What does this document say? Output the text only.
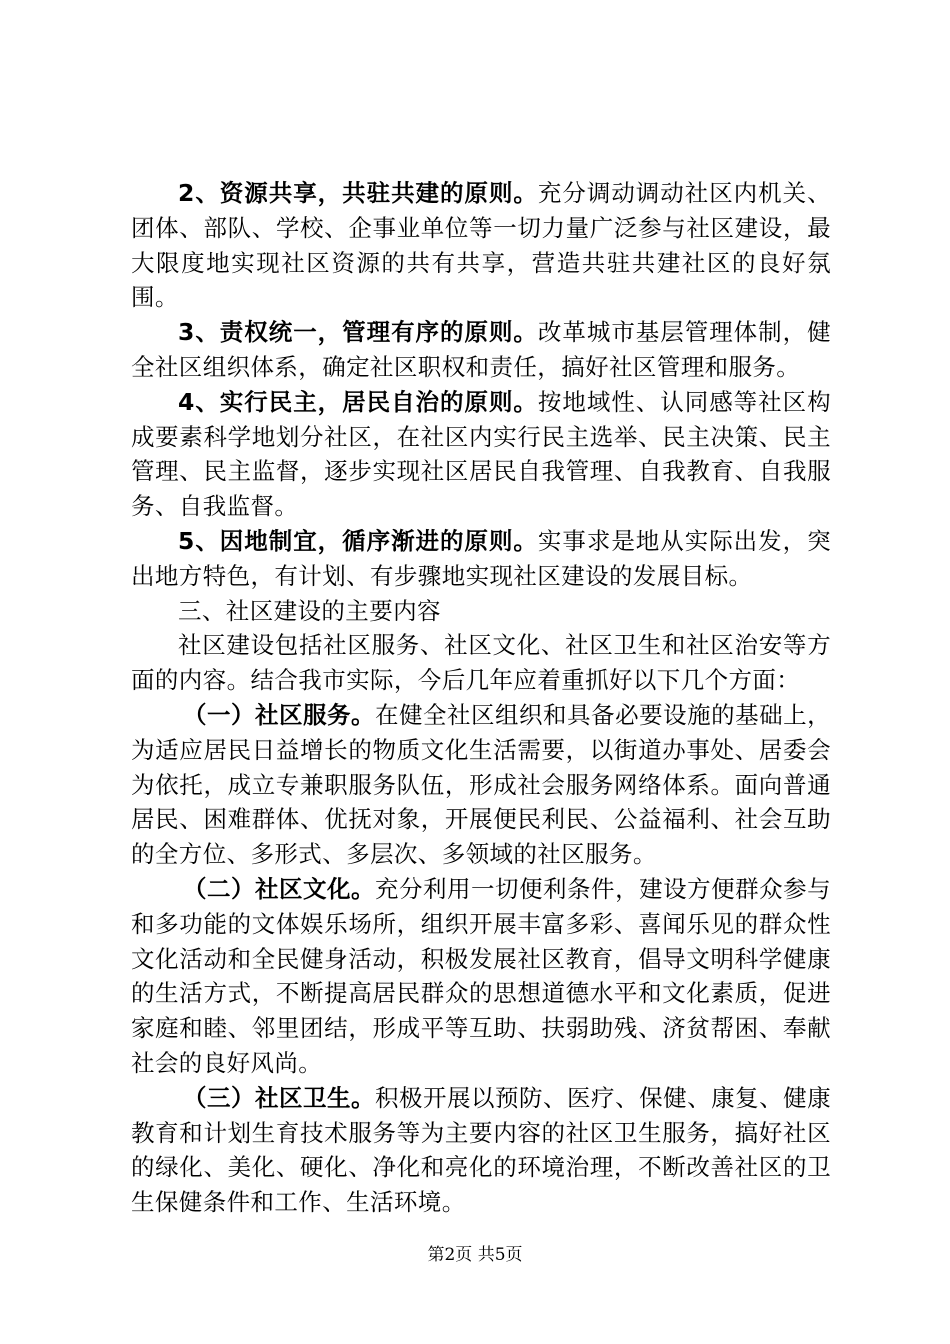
2、资源共享，共驻共建的原则。充分调动调动社区内机关、团体、部队、学校、企事业单位等一切力量广泛参与社区建设，最大限度地实现社区资源的共有共享，营造共驻共建社区的良好氛围。

3、责权统一，管理有序的原则。改革城市基层管理体制，健全社区组织体系，确定社区职权和责任，搞好社区管理和服务。

4、实行民主，居民自治的原则。按地域性、认同感等社区构成要素科学地划分社区，在社区内实行民主选举、民主决策、民主管理、民主监督，逐步实现社区居民自我管理、自我教育、自我服务、自我监督。

5、因地制宜，循序渐进的原则。实事求是地从实际出发，突出地方特色，有计划、有步骤地实现社区建设的发展目标。

三、社区建设的主要内容

社区建设包括社区服务、社区文化、社区卫生和社区治安等方面的内容。结合我市实际，今后几年应着重抓好以下几个方面：

（一）社区服务。在健全社区组织和具备必要设施的基础上，为适应居民日益增长的物质文化生活需要，以街道办事处、居委会为依托，成立专兼职服务队伍，形成社会服务网络体系。面向普通居民、困难群体、优抚对象，开展便民利民、公益福利、社会互助的全方位、多形式、多层次、多领域的社区服务。

（二）社区文化。充分利用一切便利条件，建设方便群众参与和多功能的文体娱乐场所，组织开展丰富多彩、喜闻乐见的群众性文化活动和全民健身活动，积极发展社区教育，倡导文明科学健康的生活方式，不断提高居民群众的思想道德水平和文化素质，促进家庭和睦、邻里团结，形成平等互助、扶弱助残、济贫帮困、奉献社会的良好风尚。

（三）社区卫生。积极开展以预防、医疗、保健、康复、健康教育和计划生育技术服务等为主要内容的社区卫生服务，搞好社区的绿化、美化、硬化、净化和亮化的环境治理，不断改善社区的卫生保健条件和工作、生活环境。

第2页 共5页
